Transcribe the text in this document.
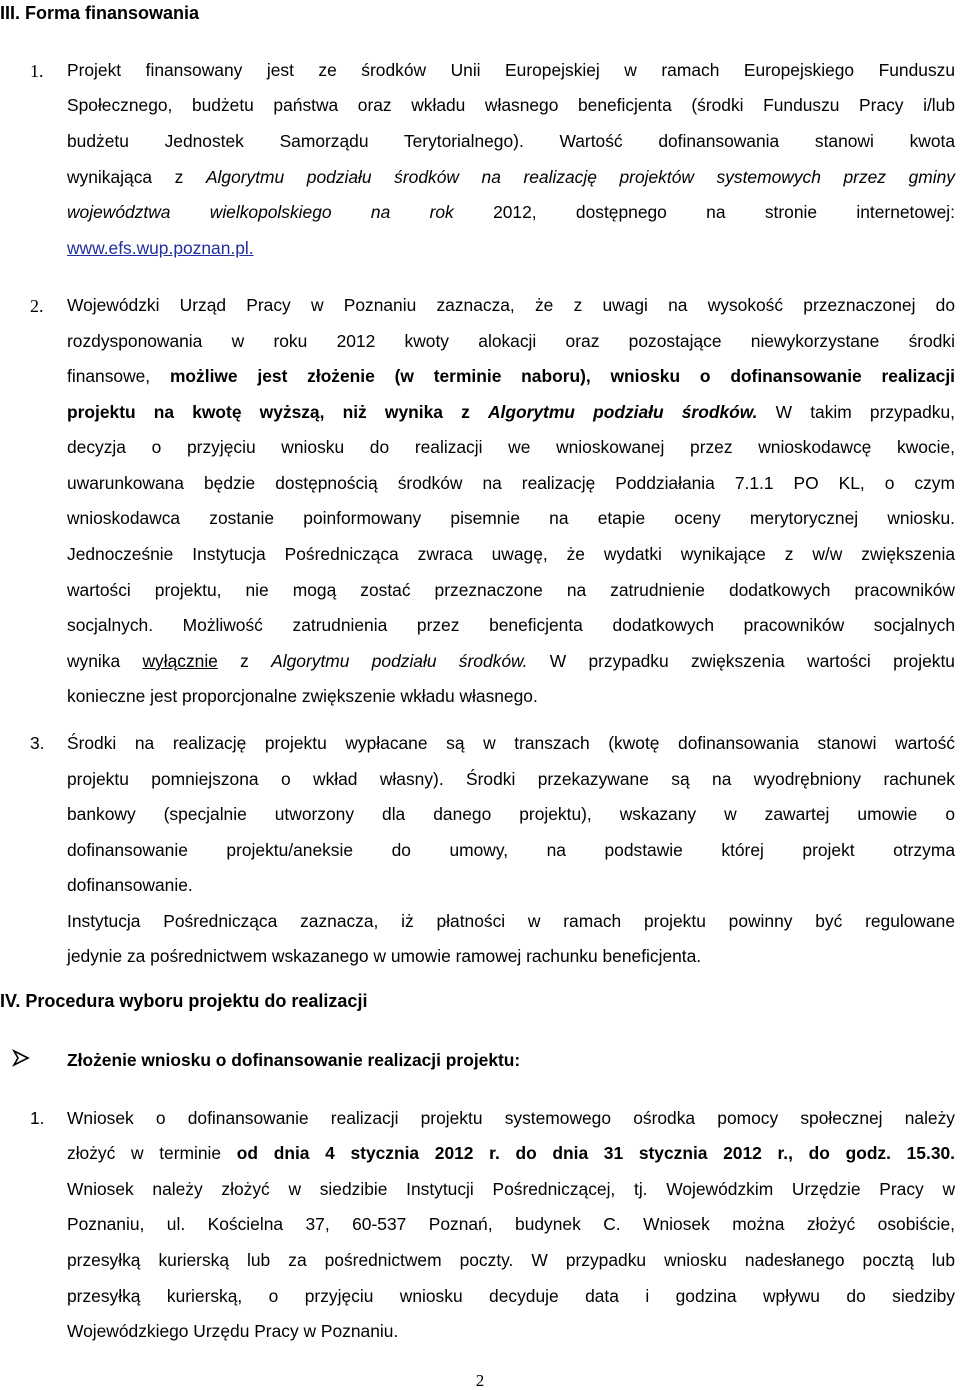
III. Forma finansowania
1. Projekt finansowany jest ze środków Unii Europejskiej w ramach Europejskiego Funduszu
Społecznego, budżetu państwa oraz wkładu własnego beneficjenta (środki Funduszu Pracy i/lub
budżetu Jednostek Samorządu Terytorialnego). Wartość dofinansowania stanowi kwota
wynikająca z Algorytmu podziału środków na realizację projektów systemowych przez gminy
województwa wielkopolskiego na rok 2012, dostępnego na stronie internetowej:
www.efs.wup.poznan.pl.
2. Wojewódzki Urząd Pracy w Poznaniu zaznacza, że z uwagi na wysokość przeznaczonej do
rozdysponowania w roku 2012 kwoty alokacji oraz pozostające niewykorzystane środki
finansowe, możliwe jest złożenie (w terminie naboru), wniosku o dofinansowanie realizacji
projektu na kwotę wyższą, niż wynika z Algorytmu podziału środków. W takim przypadku,
decyzja o przyjęciu wniosku do realizacji we wnioskowanej przez wnioskodawcę kwocie,
uwarunkowana będzie dostępnością środków na realizację Poddziałania 7.1.1 PO KL, o czym
wnioskodawca zostanie poinformowany pisemnie na etapie oceny merytorycznej wniosku.
Jednocześnie Instytucja Pośrednicząca zwraca uwagę, że wydatki wynikające z w/w zwiększenia
wartości projektu, nie mogą zostać przeznaczone na zatrudnienie dodatkowych pracowników
socjalnych. Możliwość zatrudnienia przez beneficjenta dodatkowych pracowników socjalnych
wynika wyłącznie z Algorytmu podziału środków. W przypadku zwiększenia wartości projektu
konieczne jest proporcjonalne zwiększenie wkładu własnego.
3. Środki na realizację projektu wypłacane są w transzach (kwotę dofinansowania stanowi wartość
projektu pomniejszona o wkład własny). Środki przekazywane są na wyodrębniony rachunek
bankowy (specjalnie utworzony dla danego projektu), wskazany w zawartej umowie o
dofinansowanie projektu/aneksie do umowy, na podstawie której projekt otrzyma
dofinansowanie.
Instytucja Pośrednicząca zaznacza, iż płatności w ramach projektu powinny być regulowane
jedynie za pośrednictwem wskazanego w umowie ramowej rachunku beneficjenta.
IV. Procedura wyboru projektu do realizacji
Złożenie wniosku o dofinansowanie realizacji projektu:
1. Wniosek o dofinansowanie realizacji projektu systemowego ośrodka pomocy społecznej należy
złożyć w terminie od dnia 4 stycznia 2012 r. do dnia 31 stycznia 2012 r., do godz. 15.30.
Wniosek należy złożyć w siedzibie Instytucji Pośredniczącej, tj. Wojewódzkim Urzędzie Pracy w
Poznaniu, ul. Kościelna 37, 60-537 Poznań, budynek C. Wniosek można złożyć osobiście,
przesyłką kurierską lub za pośrednictwem poczty. W przypadku wniosku nadesłanego pocztą lub
przesyłką kurierską, o przyjęciu wniosku decyduje data i godzina wpływu do siedziby
Wojewódzkiego Urzędu Pracy w Poznaniu.
2
